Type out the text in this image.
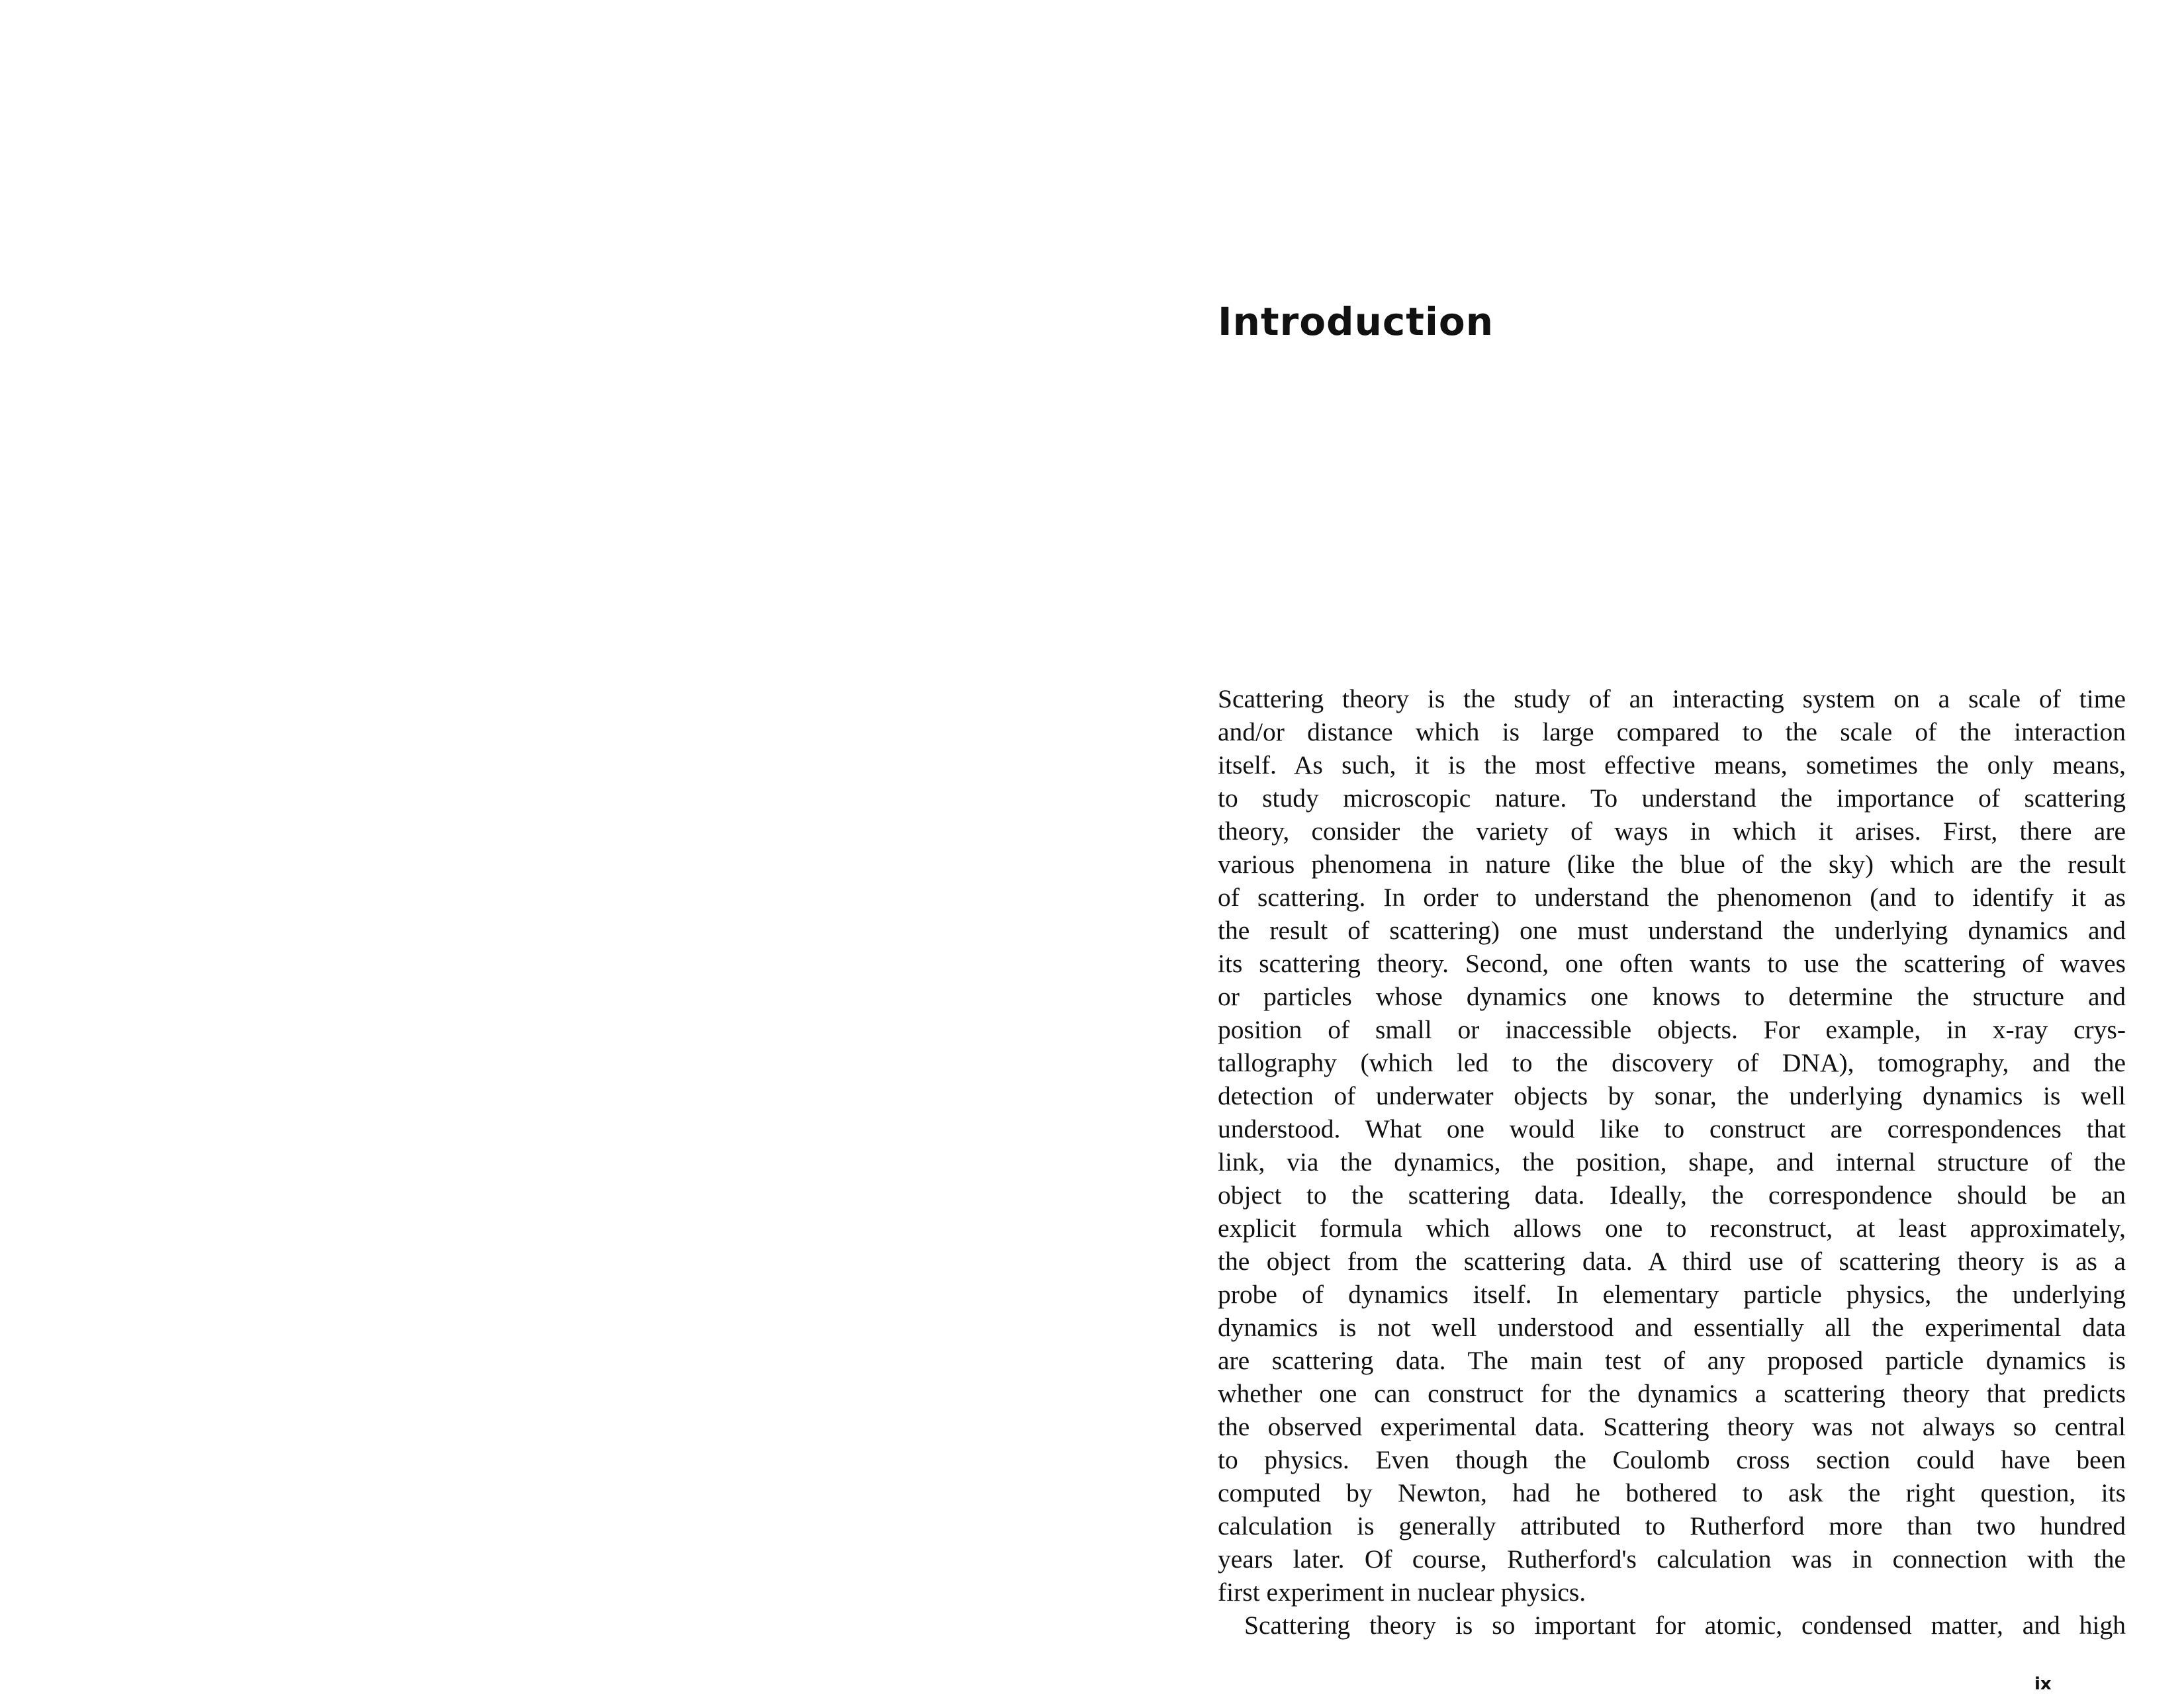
Introduction
Scattering theory is the study of an interacting system on a scale of time
and/or distance which is large compared to the scale of the interaction
itself. As such, it is the most effective means, sometimes the only means,
to study microscopic nature. To understand the importance of scattering
theory, consider the variety of ways in which it arises. First, there are
various phenomena in nature (like the blue of the sky) which are the result
of scattering. In order to understand the phenomenon (and to identify it as
the result of scattering) one must understand the underlying dynamics and
its scattering theory. Second, one often wants to use the scattering of waves
or particles whose dynamics one knows to determine the structure and
position of small or inaccessible objects. For example, in x-ray crys-
tallography (which led to the discovery of DNA), tomography, and the
detection of underwater objects by sonar, the underlying dynamics is well
understood. What one would like to construct are correspondences that
link, via the dynamics, the position, shape, and internal structure of the
object to the scattering data. Ideally, the correspondence should be an
explicit formula which allows one to reconstruct, at least approximately,
the object from the scattering data. A third use of scattering theory is as a
probe of dynamics itself. In elementary particle physics, the underlying
dynamics is not well understood and essentially all the experimental data
are scattering data. The main test of any proposed particle dynamics is
whether one can construct for the dynamics a scattering theory that predicts
the observed experimental data. Scattering theory was not always so central
to physics. Even though the Coulomb cross section could have been
computed by Newton, had he bothered to ask the right question, its
calculation is generally attributed to Rutherford more than two hundred
years later. Of course, Rutherford's calculation was in connection with the
first experiment in nuclear physics.
Scattering theory is so important for atomic, condensed matter, and high
ix
